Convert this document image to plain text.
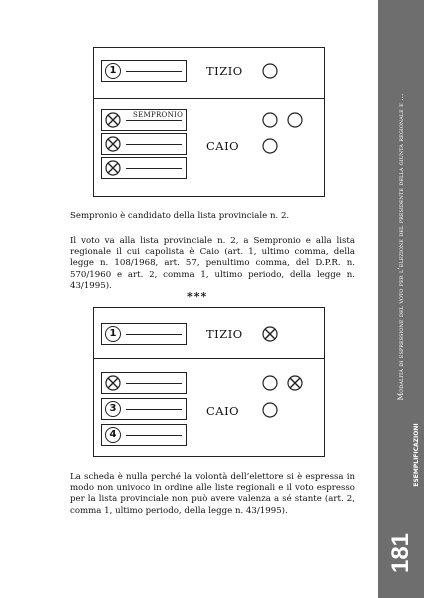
1	TIZIO
SEMPRONIO
CAIO
Sempronio è candidato della lista provinciale n. 2.
Il voto va alla lista provinciale n. 2, a Sempronio e alla lista regionale il cui capolista è Caio (art. 1, ultimo comma, della legge n. 108/1968, art. 57, penultimo comma, del D.P.R. n. 570/1960 e art. 2, comma 1, ultimo periodo, della legge n. 43/1995).
***
1	TIZIO
3
4
CAIO
La scheda è nulla perché la volontà dell’elettore si è espressa in modo non univoco in ordine alle liste regionali e il voto espresso per la lista provinciale non può avere valenza a sé stante (art. 2, comma 1, ultimo periodo, della legge n. 43/1995).
Modalità di espressione del voto per l’elezione del presidente della giunta regionale e ...
esemplificazioni
181
